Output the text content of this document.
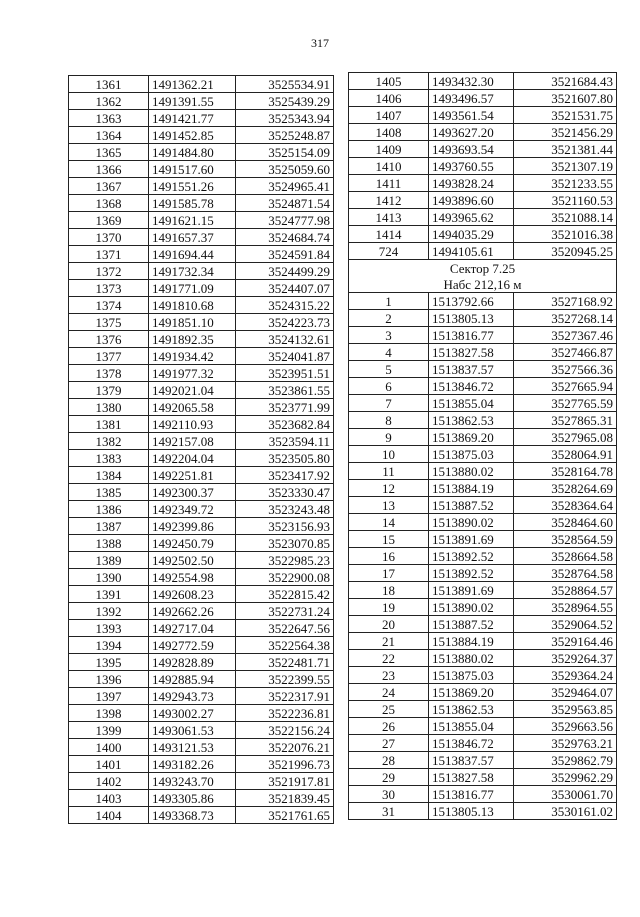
317
1361	1491362.21	3525534.91
1362	1491391.55	3525439.29
1363	1491421.77	3525343.94
1364	1491452.85	3525248.87
1365	1491484.80	3525154.09
1366	1491517.60	3525059.60
1367	1491551.26	3524965.41
1368	1491585.78	3524871.54
1369	1491621.15	3524777.98
1370	1491657.37	3524684.74
1371	1491694.44	3524591.84
1372	1491732.34	3524499.29
1373	1491771.09	3524407.07
1374	1491810.68	3524315.22
1375	1491851.10	3524223.73
1376	1491892.35	3524132.61
1377	1491934.42	3524041.87
1378	1491977.32	3523951.51
1379	1492021.04	3523861.55
1380	1492065.58	3523771.99
1381	1492110.93	3523682.84
1382	1492157.08	3523594.11
1383	1492204.04	3523505.80
1384	1492251.81	3523417.92
1385	1492300.37	3523330.47
1386	1492349.72	3523243.48
1387	1492399.86	3523156.93
1388	1492450.79	3523070.85
1389	1492502.50	3522985.23
1390	1492554.98	3522900.08
1391	1492608.23	3522815.42
1392	1492662.26	3522731.24
1393	1492717.04	3522647.56
1394	1492772.59	3522564.38
1395	1492828.89	3522481.71
1396	1492885.94	3522399.55
1397	1492943.73	3522317.91
1398	1493002.27	3522236.81
1399	1493061.53	3522156.24
1400	1493121.53	3522076.21
1401	1493182.26	3521996.73
1402	1493243.70	3521917.81
1403	1493305.86	3521839.45
1404	1493368.73	3521761.65
1405	1493432.30	3521684.43
1406	1493496.57	3521607.80
1407	1493561.54	3521531.75
1408	1493627.20	3521456.29
1409	1493693.54	3521381.44
1410	1493760.55	3521307.19
1411	1493828.24	3521233.55
1412	1493896.60	3521160.53
1413	1493965.62	3521088.14
1414	1494035.29	3521016.38
724	1494105.61	3520945.25
Сектор 7.25		
Набс 212,16 м		
1	1513792.66	3527168.92
2	1513805.13	3527268.14
3	1513816.77	3527367.46
4	1513827.58	3527466.87
5	1513837.57	3527566.36
6	1513846.72	3527665.94
7	1513855.04	3527765.59
8	1513862.53	3527865.31
9	1513869.20	3527965.08
10	1513875.03	3528064.91
11	1513880.02	3528164.78
12	1513884.19	3528264.69
13	1513887.52	3528364.64
14	1513890.02	3528464.60
15	1513891.69	3528564.59
16	1513892.52	3528664.58
17	1513892.52	3528764.58
18	1513891.69	3528864.57
19	1513890.02	3528964.55
20	1513887.52	3529064.52
21	1513884.19	3529164.46
22	1513880.02	3529264.37
23	1513875.03	3529364.24
24	1513869.20	3529464.07
25	1513862.53	3529563.85
26	1513855.04	3529663.56
27	1513846.72	3529763.21
28	1513837.57	3529862.79
29	1513827.58	3529962.29
30	1513816.77	3530061.70
31	1513805.13	3530161.02
